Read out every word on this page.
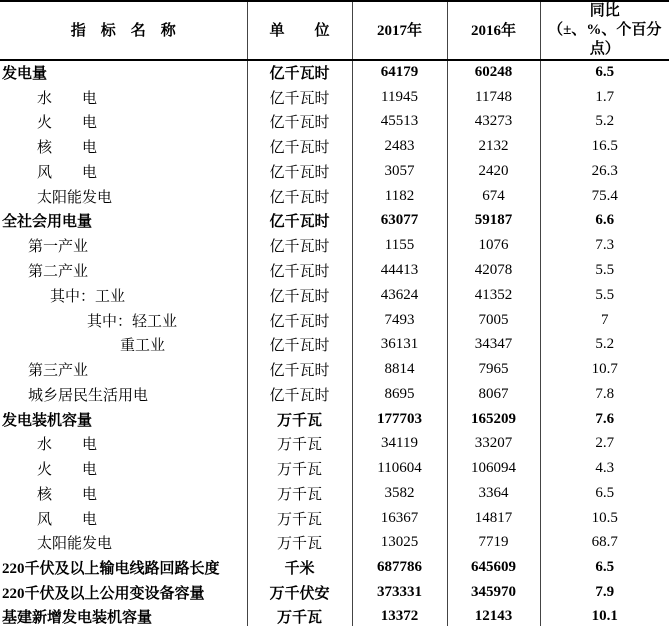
指　标　名　称	单　　位	2017年	2016年	同比
（±、%、个百分点）

发电量	亿千瓦时	64179	60248	6.5
水　　电	亿千瓦时	11945	11748	1.7
火　　电	亿千瓦时	45513	43273	5.2
核　　电	亿千瓦时	2483	2132	16.5
风　　电	亿千瓦时	3057	2420	26.3
太阳能发电	亿千瓦时	1182	674	75.4
全社会用电量	亿千瓦时	63077	59187	6.6
第一产业	亿千瓦时	1155	1076	7.3
第二产业	亿千瓦时	44413	42078	5.5
其中：工业	亿千瓦时	43624	41352	5.5
其中：轻工业	亿千瓦时	7493	7005	7
重工业	亿千瓦时	36131	34347	5.2
第三产业	亿千瓦时	8814	7965	10.7
城乡居民生活用电	亿千瓦时	8695	8067	7.8
发电装机容量	万千瓦	177703	165209	7.6
水　　电	万千瓦	34119	33207	2.7
火　　电	万千瓦	110604	106094	4.3
核　　电	万千瓦	3582	3364	6.5
风　　电	万千瓦	16367	14817	10.5
太阳能发电	万千瓦	13025	7719	68.7
220千伏及以上输电线路回路长度	千米	687786	645609	6.5
220千伏及以上公用变设备容量	万千伏安	373331	345970	7.9
基建新增发电装机容量	万千瓦	13372	12143	10.1
